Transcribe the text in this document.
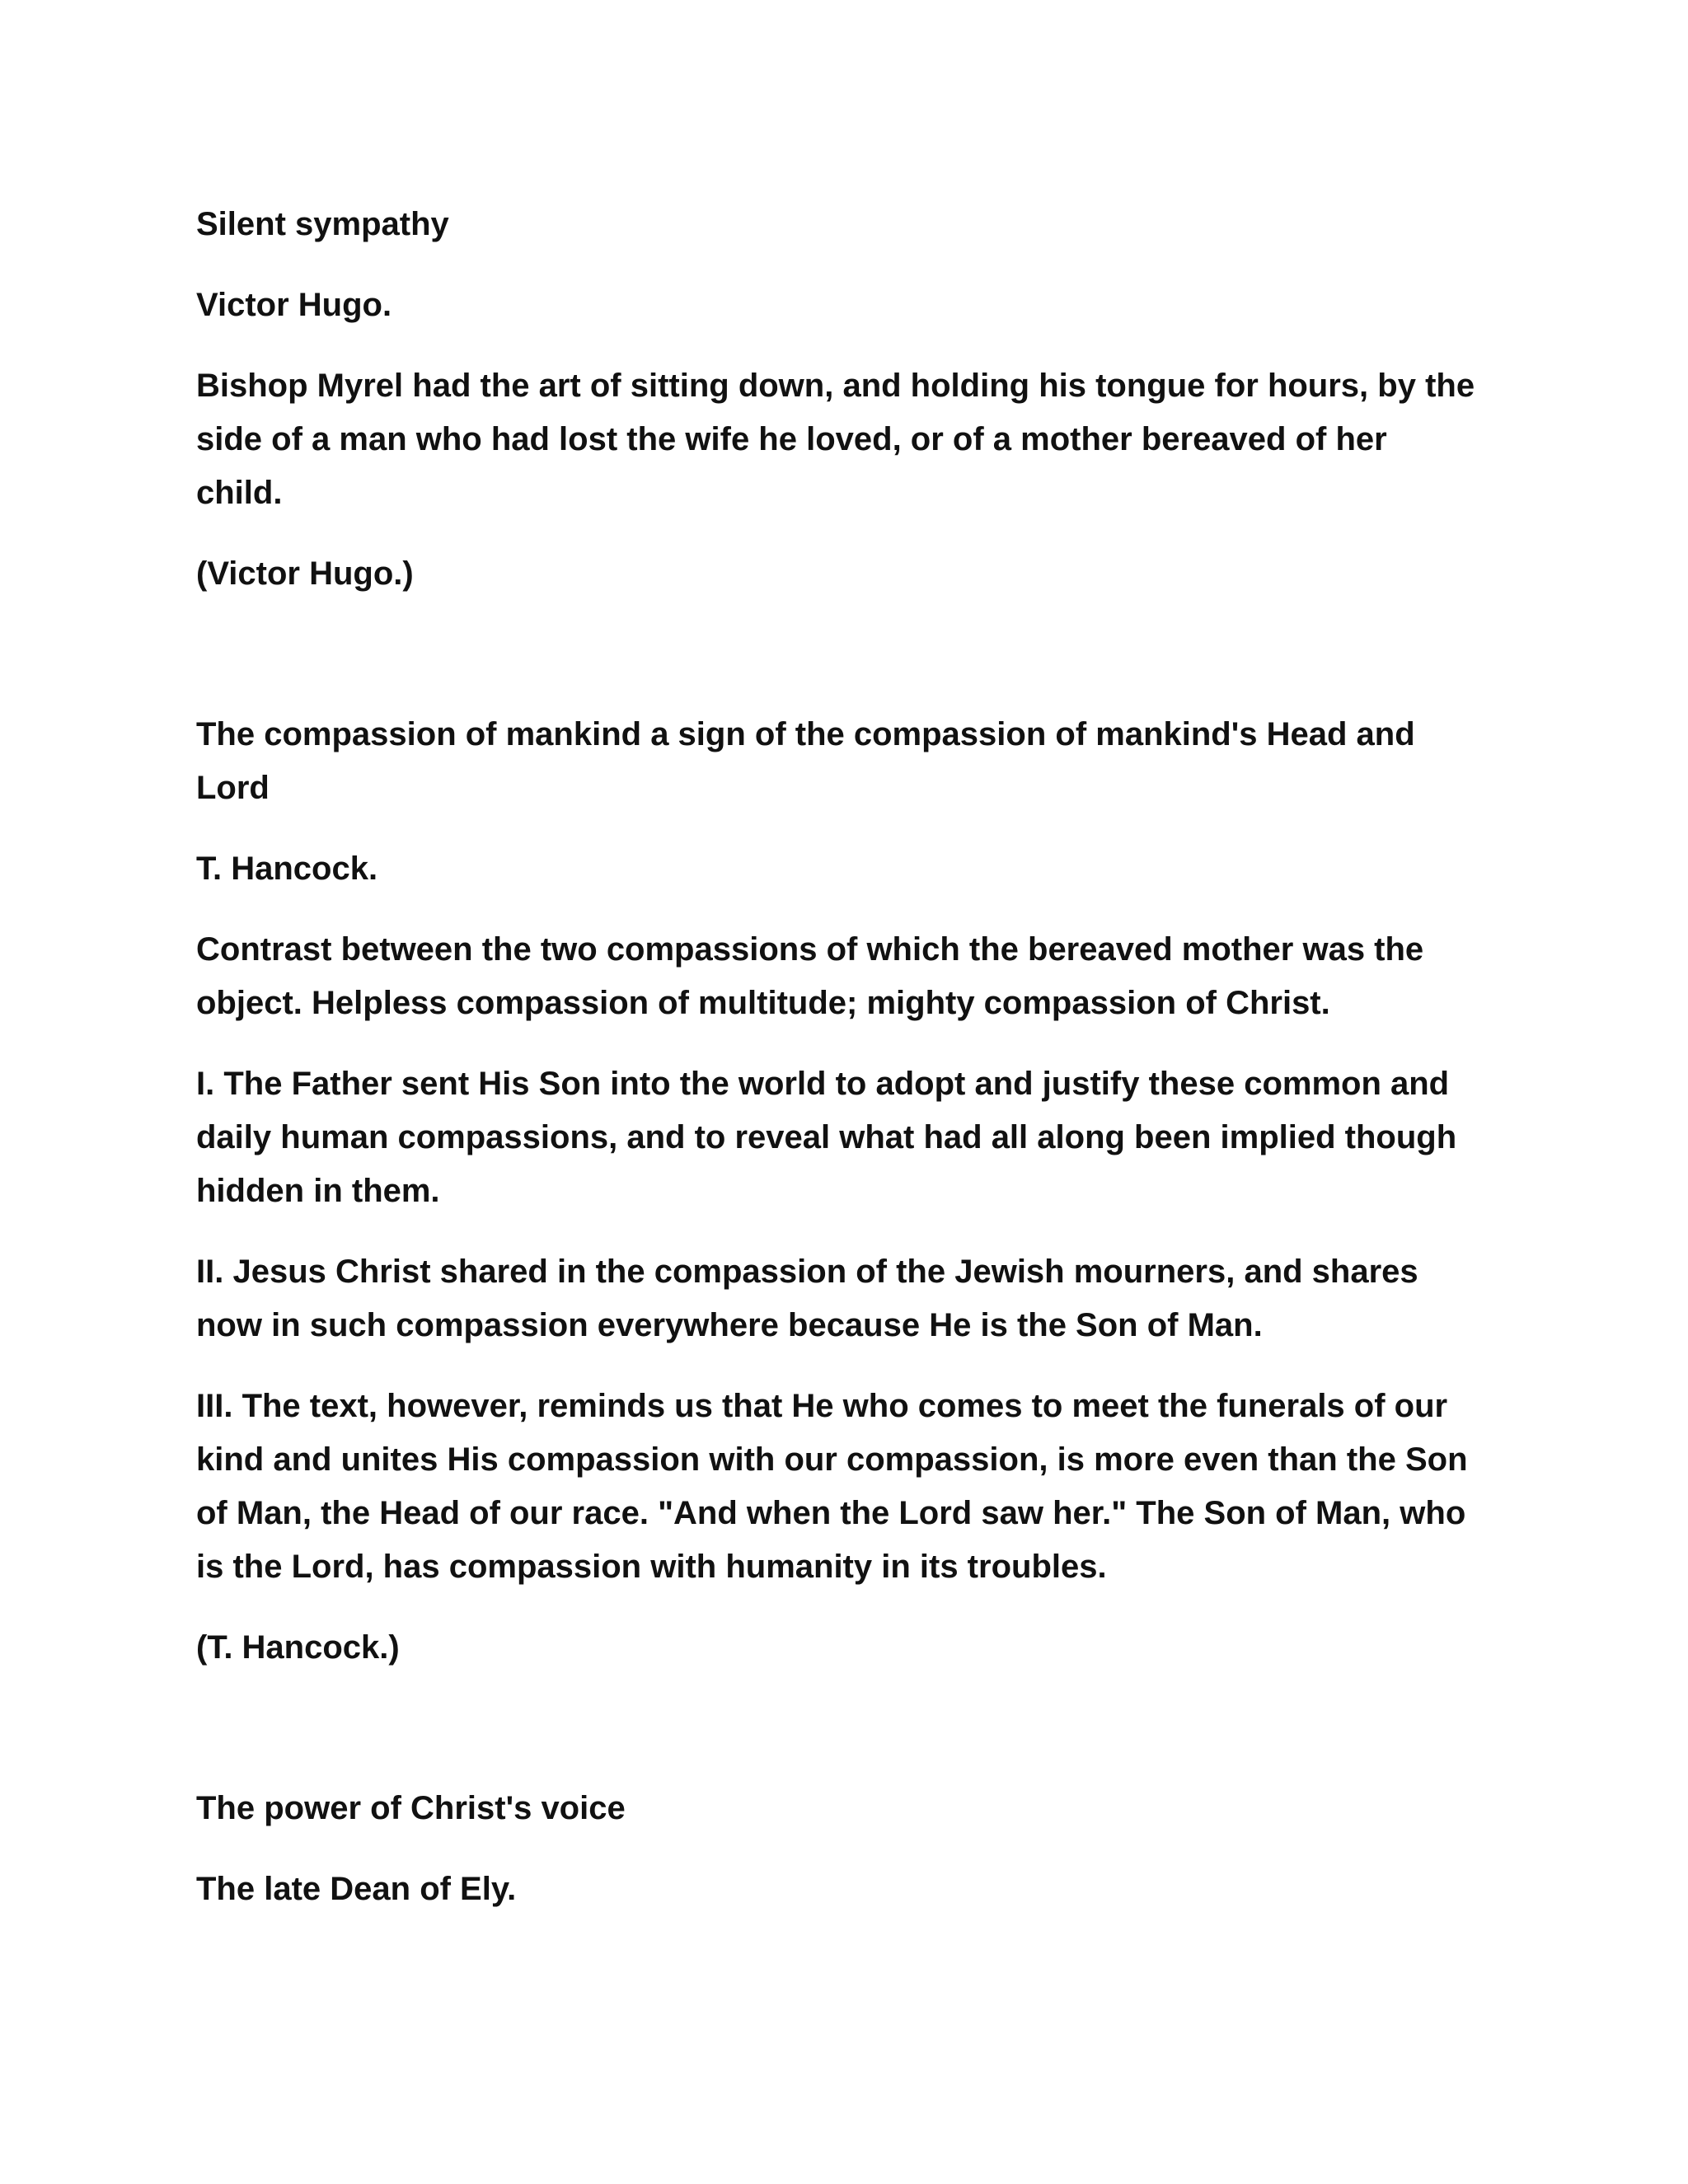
Silent sympathy

Victor Hugo.

Bishop Myrel had the art of sitting down, and holding his tongue for hours, by the side of a man who had lost the wife he loved, or of a mother bereaved of her child.

(Victor Hugo.)

The compassion of mankind a sign of the compassion of mankind's Head and Lord

T. Hancock.

Contrast between the two compassions of which the bereaved mother was the object. Helpless compassion of multitude; mighty compassion of Christ.

I. The Father sent His Son into the world to adopt and justify these common and daily human compassions, and to reveal what had all along been implied though hidden in them.

II. Jesus Christ shared in the compassion of the Jewish mourners, and shares now in such compassion everywhere because He is the Son of Man.

III. The text, however, reminds us that He who comes to meet the funerals of our kind and unites His compassion with our compassion, is more even than the Son of Man, the Head of our race. "And when the Lord saw her." The Son of Man, who is the Lord, has compassion with humanity in its troubles.

(T. Hancock.)

The power of Christ's voice

The late Dean of Ely.
